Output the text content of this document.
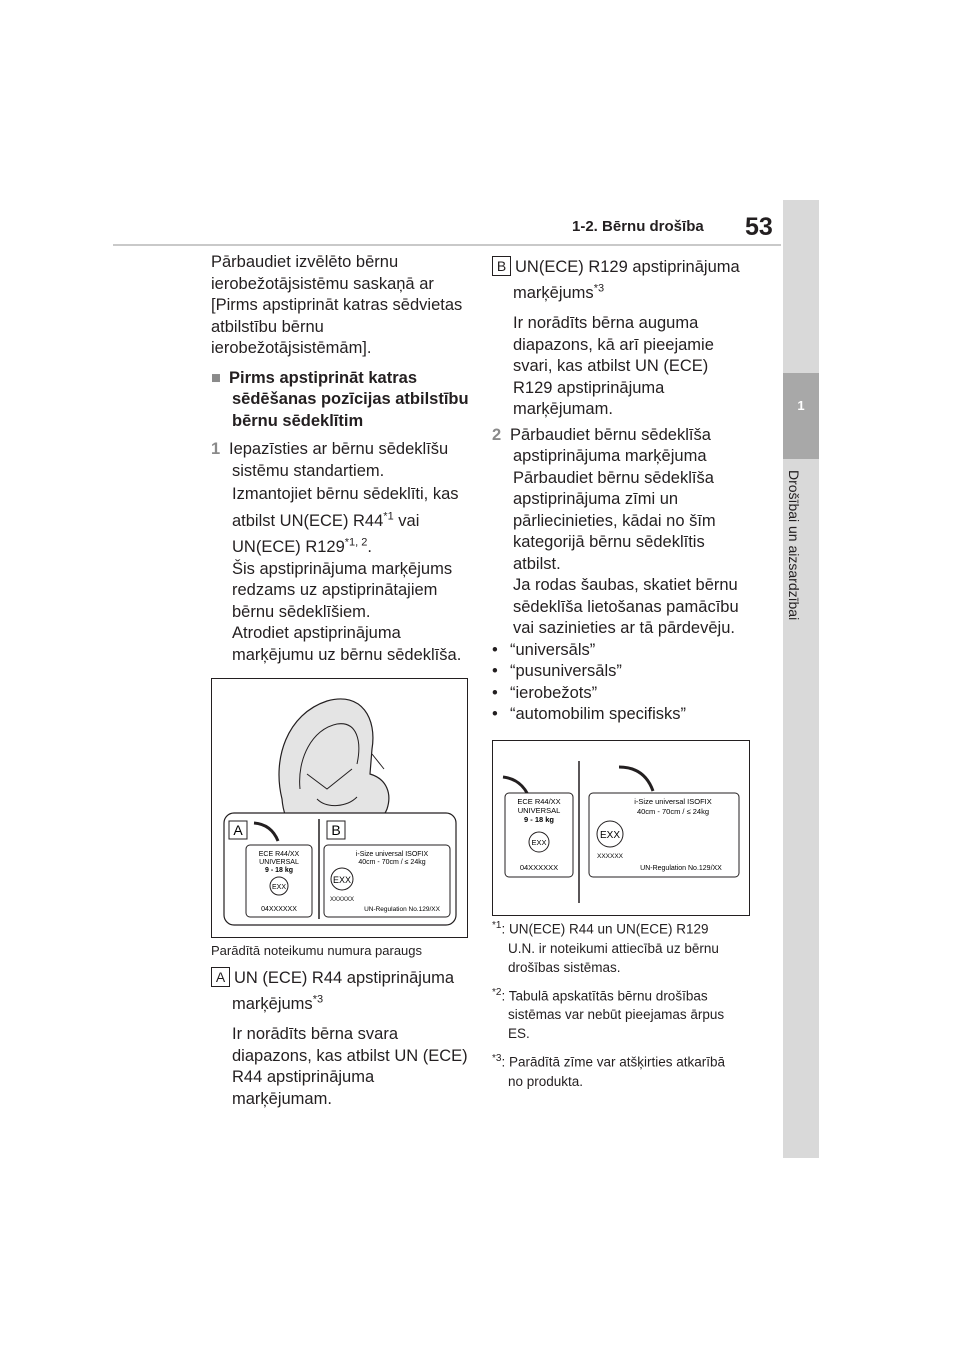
1-2. Bērnu drošība 53
1
Drošībai un aizsardzībai

Pārbaudiet izvēlēto bērnu

ierobežotājsistēmu saskaņā ar

[Pirms apstiprināt katras sēdvietas

atbilstību bērnu

ierobežotājsistēmām].

■ Pirms apstiprināt katras

sēdēšanas pozīcijas atbilstību

bērnu sēdeklītim

1 Iepazīsties ar bērnu sēdeklīšu

sistēmu standartiem.

Izmantojiet bērnu sēdeklīti, kas

atbilst UN(ECE) R44$^{*1}$ vai

UN(ECE) R129$^{*1, 2}$.

Šis apstiprinājuma marķējums

redzams uz apstiprinātajiem

bērnu sēdeklīšiem.

Atrodiet apstiprinājuma

marķējumu uz bērnu sēdeklīša.

A	B
ECE R44/XX
UNIVERSAL
9 - 18 kg
EXX
04XXXXXX
i-Size universal ISOFIX
40cm - 70cm / ≤ 24kg
EXX
XXXXXX
UN-Regulation No.129/XX
Parādītā noteikumu numura paraugs

A UN (ECE) R44 apstiprinājuma

marķējums$^{*3}$

Ir norādīts bērna svara

diapazons, kas atbilst UN (ECE)

R44 apstiprinājuma

marķējumam.

B UN(ECE) R129 apstiprinājuma

marķējums$^{*3}$

Ir norādīts bērna auguma

diapazons, kā arī pieejamie

svari, kas atbilst UN (ECE)

R129 apstiprinājuma

marķējumam.

2 Pārbaudiet bērnu sēdeklīša

apstiprinājuma marķējuma

Pārbaudiet bērnu sēdeklīša

apstiprinājuma zīmi un

pārliecinieties, kādai no šīm

kategorijā bērnu sēdeklītis

atbilst.

Ja rodas šaubas, skatiet bērnu

sēdeklīša lietošanas pamācību

vai sazinieties ar tā pārdevēju.

• “universāls”

• “pusuniversāls”

• “ierobežots”

• “automobilim specifisks”

ECE R44/XX
UNIVERSAL
9 - 18 kg
EXX
04XXXXXX
i-Size universal ISOFIX
40cm - 70cm / ≤ 24kg
EXX
XXXXXX
UN-Regulation No.129/XX
$^{*1}$: UN(ECE) R44 un UN(ECE) R129
U.N. ir noteikumi attiecībā uz bērnu
drošības sistēmas.
$^{*2}$: Tabulā apskatītās bērnu drošības
sistēmas var nebūt pieejamas ārpus
ES.
$^{*3}$: Parādītā zīme var atšķirties atkarībā
no produkta.
